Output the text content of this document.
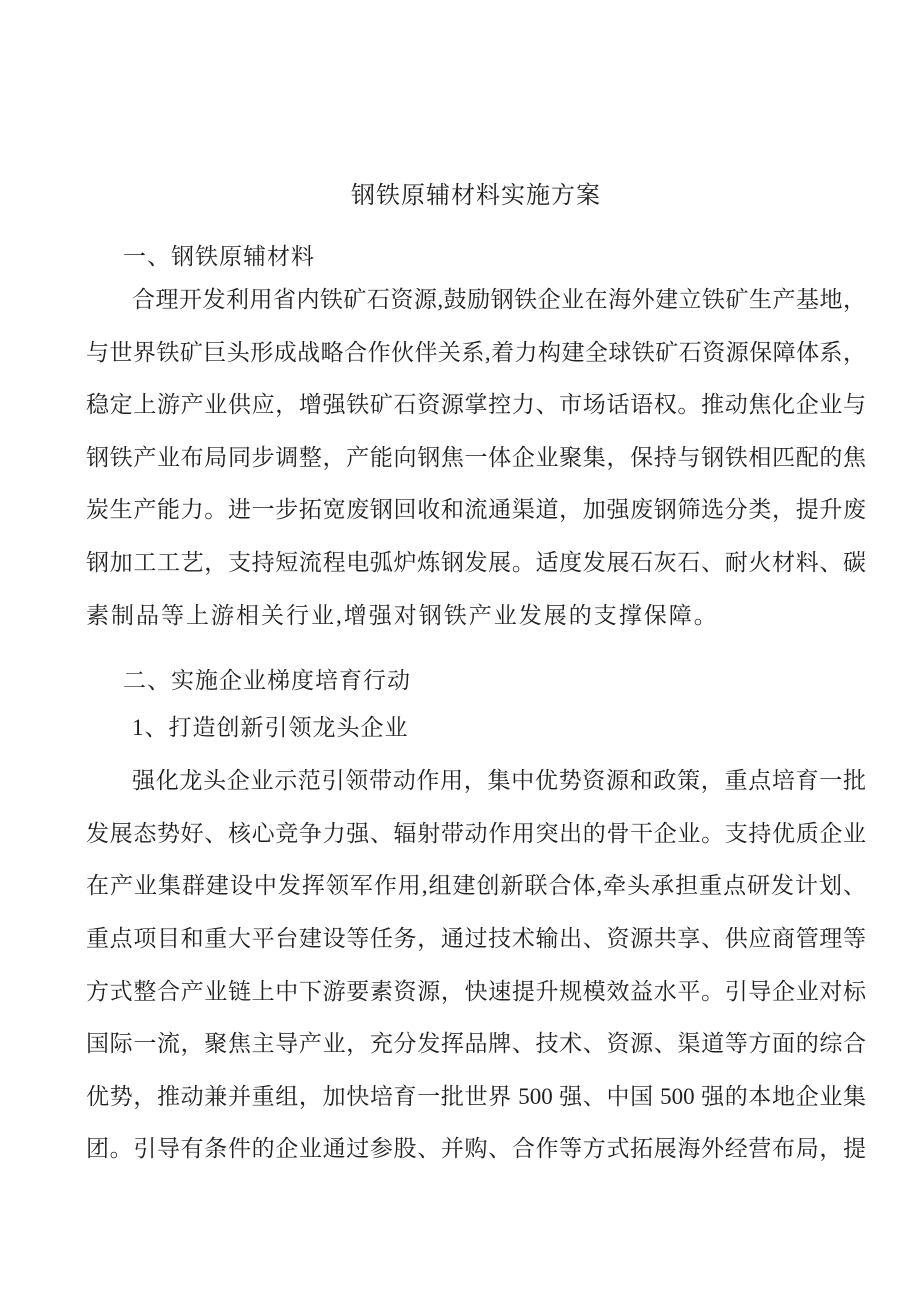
钢铁原辅材料实施方案
一、钢铁原辅材料
合理开发利用省内铁矿石资源,鼓励钢铁企业在海外建立铁矿生产基地，
与世界铁矿巨头形成战略合作伙伴关系,着力构建全球铁矿石资源保障体系，
稳定上游产业供应，增强铁矿石资源掌控力、市场话语权。推动焦化企业与
钢铁产业布局同步调整，产能向钢焦一体企业聚集，保持与钢铁相匹配的焦
炭生产能力。进一步拓宽废钢回收和流通渠道，加强废钢筛选分类，提升废
钢加工工艺，支持短流程电弧炉炼钢发展。适度发展石灰石、耐火材料、碳
素制品等上游相关行业,增强对钢铁产业发展的支撑保障。
二、实施企业梯度培育行动
1、打造创新引领龙头企业
强化龙头企业示范引领带动作用，集中优势资源和政策，重点培育一批
发展态势好、核心竞争力强、辐射带动作用突出的骨干企业。支持优质企业
在产业集群建设中发挥领军作用,组建创新联合体,牵头承担重点研发计划、
重点项目和重大平台建设等任务，通过技术输出、资源共享、供应商管理等
方式整合产业链上中下游要素资源，快速提升规模效益水平。引导企业对标
国际一流，聚焦主导产业，充分发挥品牌、技术、资源、渠道等方面的综合
优势，推动兼并重组，加快培育一批世界 500 强、中国 500 强的本地企业集
团。引导有条件的企业通过参股、并购、合作等方式拓展海外经营布局，提
